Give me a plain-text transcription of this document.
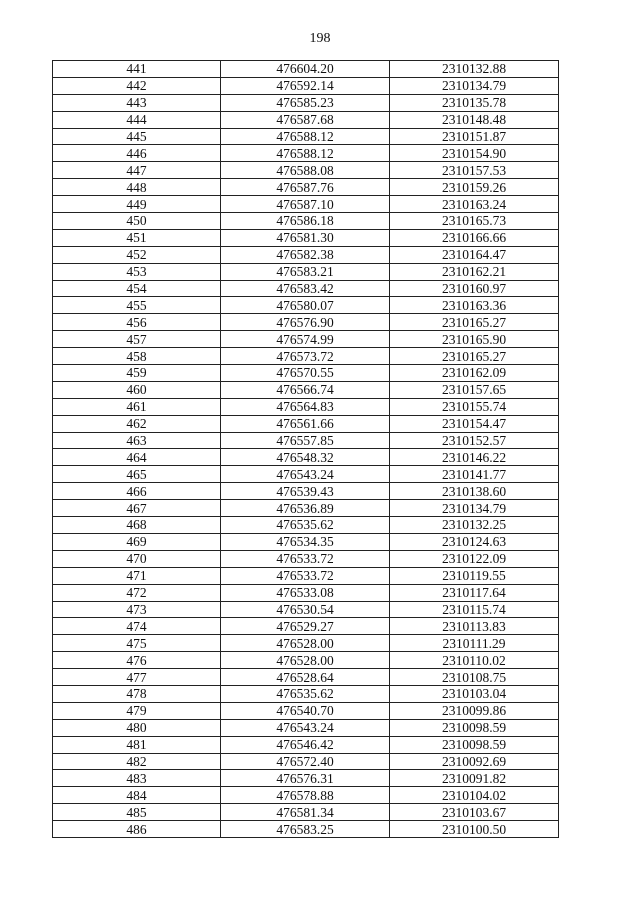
198
441	476604.20	2310132.88
442	476592.14	2310134.79
443	476585.23	2310135.78
444	476587.68	2310148.48
445	476588.12	2310151.87
446	476588.12	2310154.90
447	476588.08	2310157.53
448	476587.76	2310159.26
449	476587.10	2310163.24
450	476586.18	2310165.73
451	476581.30	2310166.66
452	476582.38	2310164.47
453	476583.21	2310162.21
454	476583.42	2310160.97
455	476580.07	2310163.36
456	476576.90	2310165.27
457	476574.99	2310165.90
458	476573.72	2310165.27
459	476570.55	2310162.09
460	476566.74	2310157.65
461	476564.83	2310155.74
462	476561.66	2310154.47
463	476557.85	2310152.57
464	476548.32	2310146.22
465	476543.24	2310141.77
466	476539.43	2310138.60
467	476536.89	2310134.79
468	476535.62	2310132.25
469	476534.35	2310124.63
470	476533.72	2310122.09
471	476533.72	2310119.55
472	476533.08	2310117.64
473	476530.54	2310115.74
474	476529.27	2310113.83
475	476528.00	2310111.29
476	476528.00	2310110.02
477	476528.64	2310108.75
478	476535.62	2310103.04
479	476540.70	2310099.86
480	476543.24	2310098.59
481	476546.42	2310098.59
482	476572.40	2310092.69
483	476576.31	2310091.82
484	476578.88	2310104.02
485	476581.34	2310103.67
486	476583.25	2310100.50
